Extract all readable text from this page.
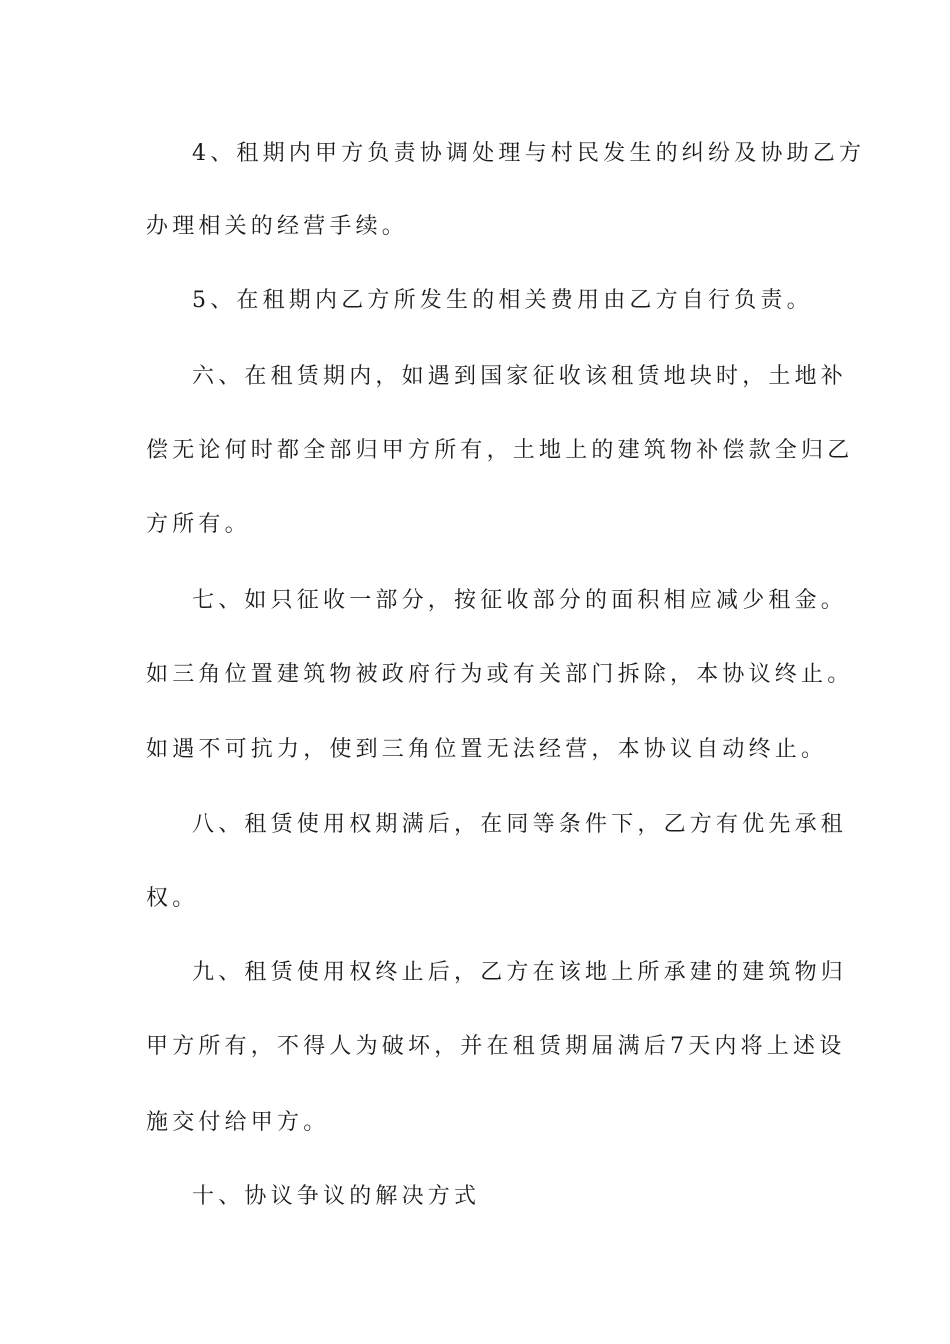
4、租期内甲方负责协调处理与村民发生的纠纷及协助乙方
办理相关的经营手续。
5、在租期内乙方所发生的相关费用由乙方自行负责。
六、在租赁期内，如遇到国家征收该租赁地块时，土地补
偿无论何时都全部归甲方所有，土地上的建筑物补偿款全归乙
方所有。
七、如只征收一部分，按征收部分的面积相应减少租金。
如三角位置建筑物被政府行为或有关部门拆除，本协议终止。
如遇不可抗力，使到三角位置无法经营，本协议自动终止。
八、租赁使用权期满后，在同等条件下，乙方有优先承租
权。
九、租赁使用权终止后，乙方在该地上所承建的建筑物归
甲方所有，不得人为破坏，并在租赁期届满后7天内将上述设
施交付给甲方。
十、协议争议的解决方式
